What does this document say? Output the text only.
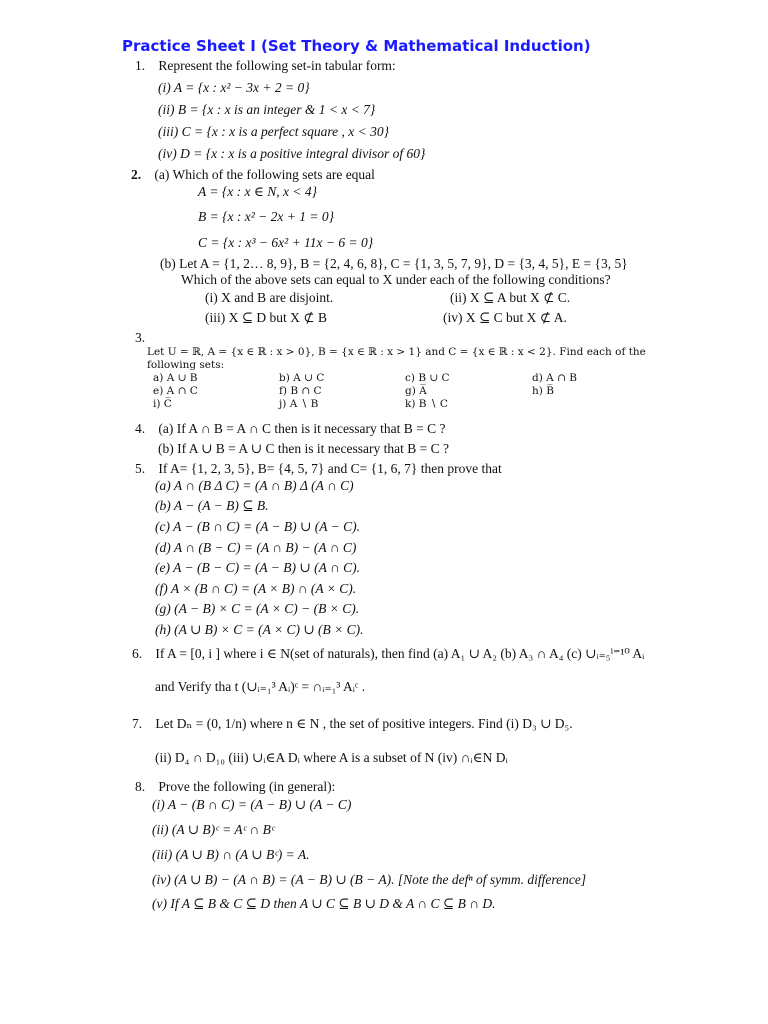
Practice Sheet I (Set Theory & Mathematical Induction)
1. Represent the following set-in tabular form:
(i) A = {x : x² − 3x + 2 = 0}
(ii) B = {x : x is an integer & 1 < x < 7}
(iii) C = {x : x is a perfect square , x < 30}
(iv) D = {x : x is a positive integral divisor of 60}
2. (a) Which of the following sets are equal
A = {x : x ∈ N, x < 4}
B = {x : x² − 2x + 1 = 0}
C = {x : x³ − 6x² + 11x − 6 = 0}
(b) Let A = {1, 2… 8, 9}, B = {2, 4, 6, 8}, C = {1, 3, 5, 7, 9}, D = {3, 4, 5}, E = {3, 5}
Which of the above sets can equal to X under each of the following conditions?
(i) X and B are disjoint.	(ii) X ⊆ A but X ⊄ C.
(iii) X ⊆ D but X ⊄ B	(iv) X ⊆ C but X ⊄ A.
3.
Let U = ℝ, A = {x ∈ ℝ : x > 0}, B = {x ∈ ℝ : x > 1} and C = {x ∈ ℝ : x < 2}. Find each of the
following sets:
a) A ∪ B	b) A ∪ C	c) B ∪ C	d) A ∩ B
e) A ∩ C	f) B ∩ C	g) A̅	h) B̅
i) C̅	j) A ∖ B	k) B ∖ C
4. (a) If A ∩ B = A ∩ C then is it necessary that B = C ?
(b) If A ∪ B = A ∪ C then is it necessary that B = C ?
5. If A= {1, 2, 3, 5}, B= {4, 5, 7} and C= {1, 6, 7} then prove that
(a) A ∩ (B Δ C) = (A ∩ B) Δ (A ∩ C)
(b) A − (A − B) ⊆ B.
(c) A − (B ∩ C) = (A − B) ∪ (A − C).
(d) A ∩ (B − C) = (A ∩ B) − (A ∩ C)
(e) A − (B − C) = (A − B) ∪ (A ∩ C).
(f) A × (B ∩ C) = (A × B) ∩ (A × C).
(g) (A − B) × C = (A × C) − (B × C).
(h) (A ∪ B) × C = (A × C) ∪ (B × C).
6. If A = [0, i ] where i ∈ N(set of naturals), then find (a) A₁ ∪ A₂ (b) A₃ ∩ A₄ (c) ∪ᵢ₌₅ⁱ⁼¹⁰ Aᵢ
and Verify tha t (∪ᵢ₌₁³ Aᵢ)ᶜ = ∩ᵢ₌₁³ Aᵢᶜ .
7. Let Dₙ = (0, 1/n) where n ∈ N , the set of positive integers. Find (i) D₃ ∪ D₅.
(ii) D₄ ∩ D₁₀ (iii) ∪ᵢ∈A Dᵢ where A is a subset of N (iv) ∩ᵢ∈N Dᵢ
8. Prove the following (in general):
(i) A − (B ∩ C) = (A − B) ∪ (A − C)
(ii) (A ∪ B)ᶜ = Aᶜ ∩ Bᶜ
(iii) (A ∪ B) ∩ (A ∪ Bᶜ) = A.
(iv) (A ∪ B) − (A ∩ B) = (A − B) ∪ (B − A). [Note the defⁿ of symm. difference]
(v) If A ⊆ B & C ⊆ D then A ∪ C ⊆ B ∪ D & A ∩ C ⊆ B ∩ D.
